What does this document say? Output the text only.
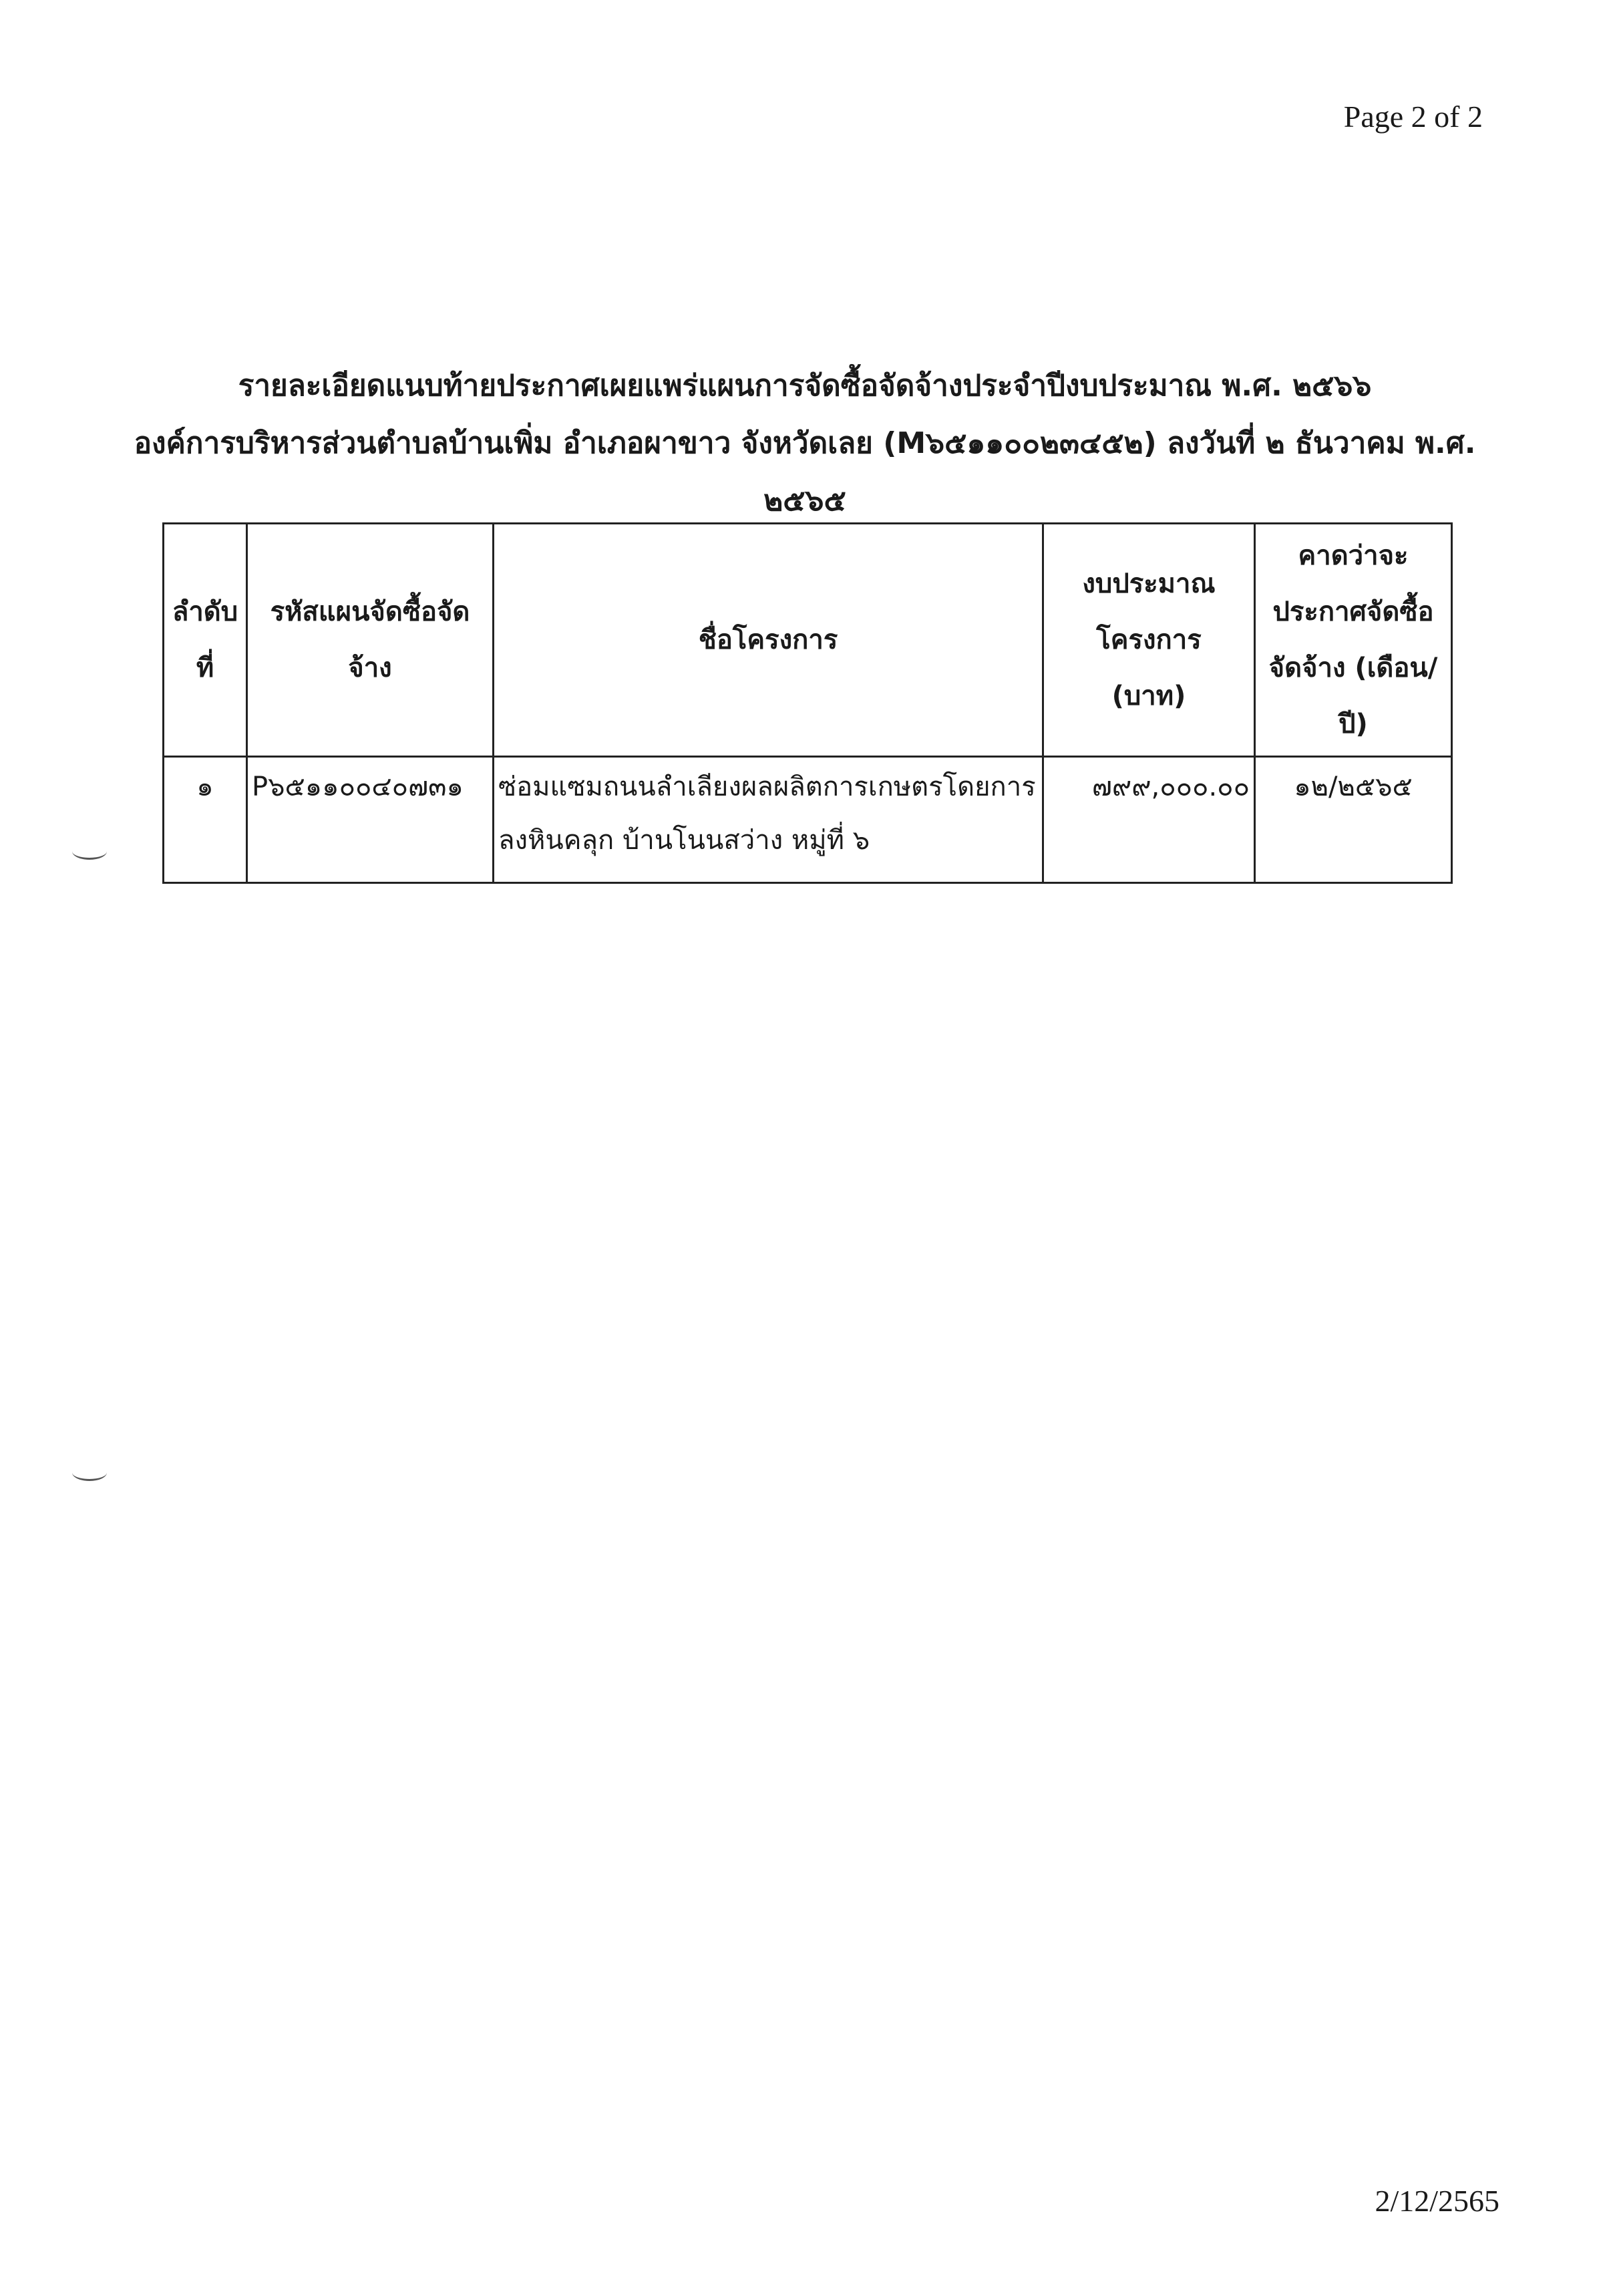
Page 2 of 2
รายละเอียดแนบท้ายประกาศเผยแพร่แผนการจัดซื้อจัดจ้างประจำปีงบประมาณ พ.ศ. ๒๕๖๖
องค์การบริหารส่วนตำบลบ้านเพิ่ม อำเภอผาขาว จังหวัดเลย (M๖๕๑๑๐๐๒๓๔๕๒) ลงวันที่ ๒ ธันวาคม พ.ศ.
๒๕๖๕
ลำดับที่	รหัสแผนจัดซื้อจัดจ้าง	ชื่อโครงการ	งบประมาณโครงการ (บาท)	คาดว่าจะประกาศจัดซื้อจัดจ้าง (เดือน/ปี)
๑	P๖๕๑๑๐๐๔๐๗๓๑	ซ่อมแซมถนนลำเลียงผลผลิตการเกษตรโดยการลงหินคลุก บ้านโนนสว่าง หมู่ที่ ๖	๗๙๙,๐๐๐.๐๐	๑๒/๒๕๖๕
2/12/2565
